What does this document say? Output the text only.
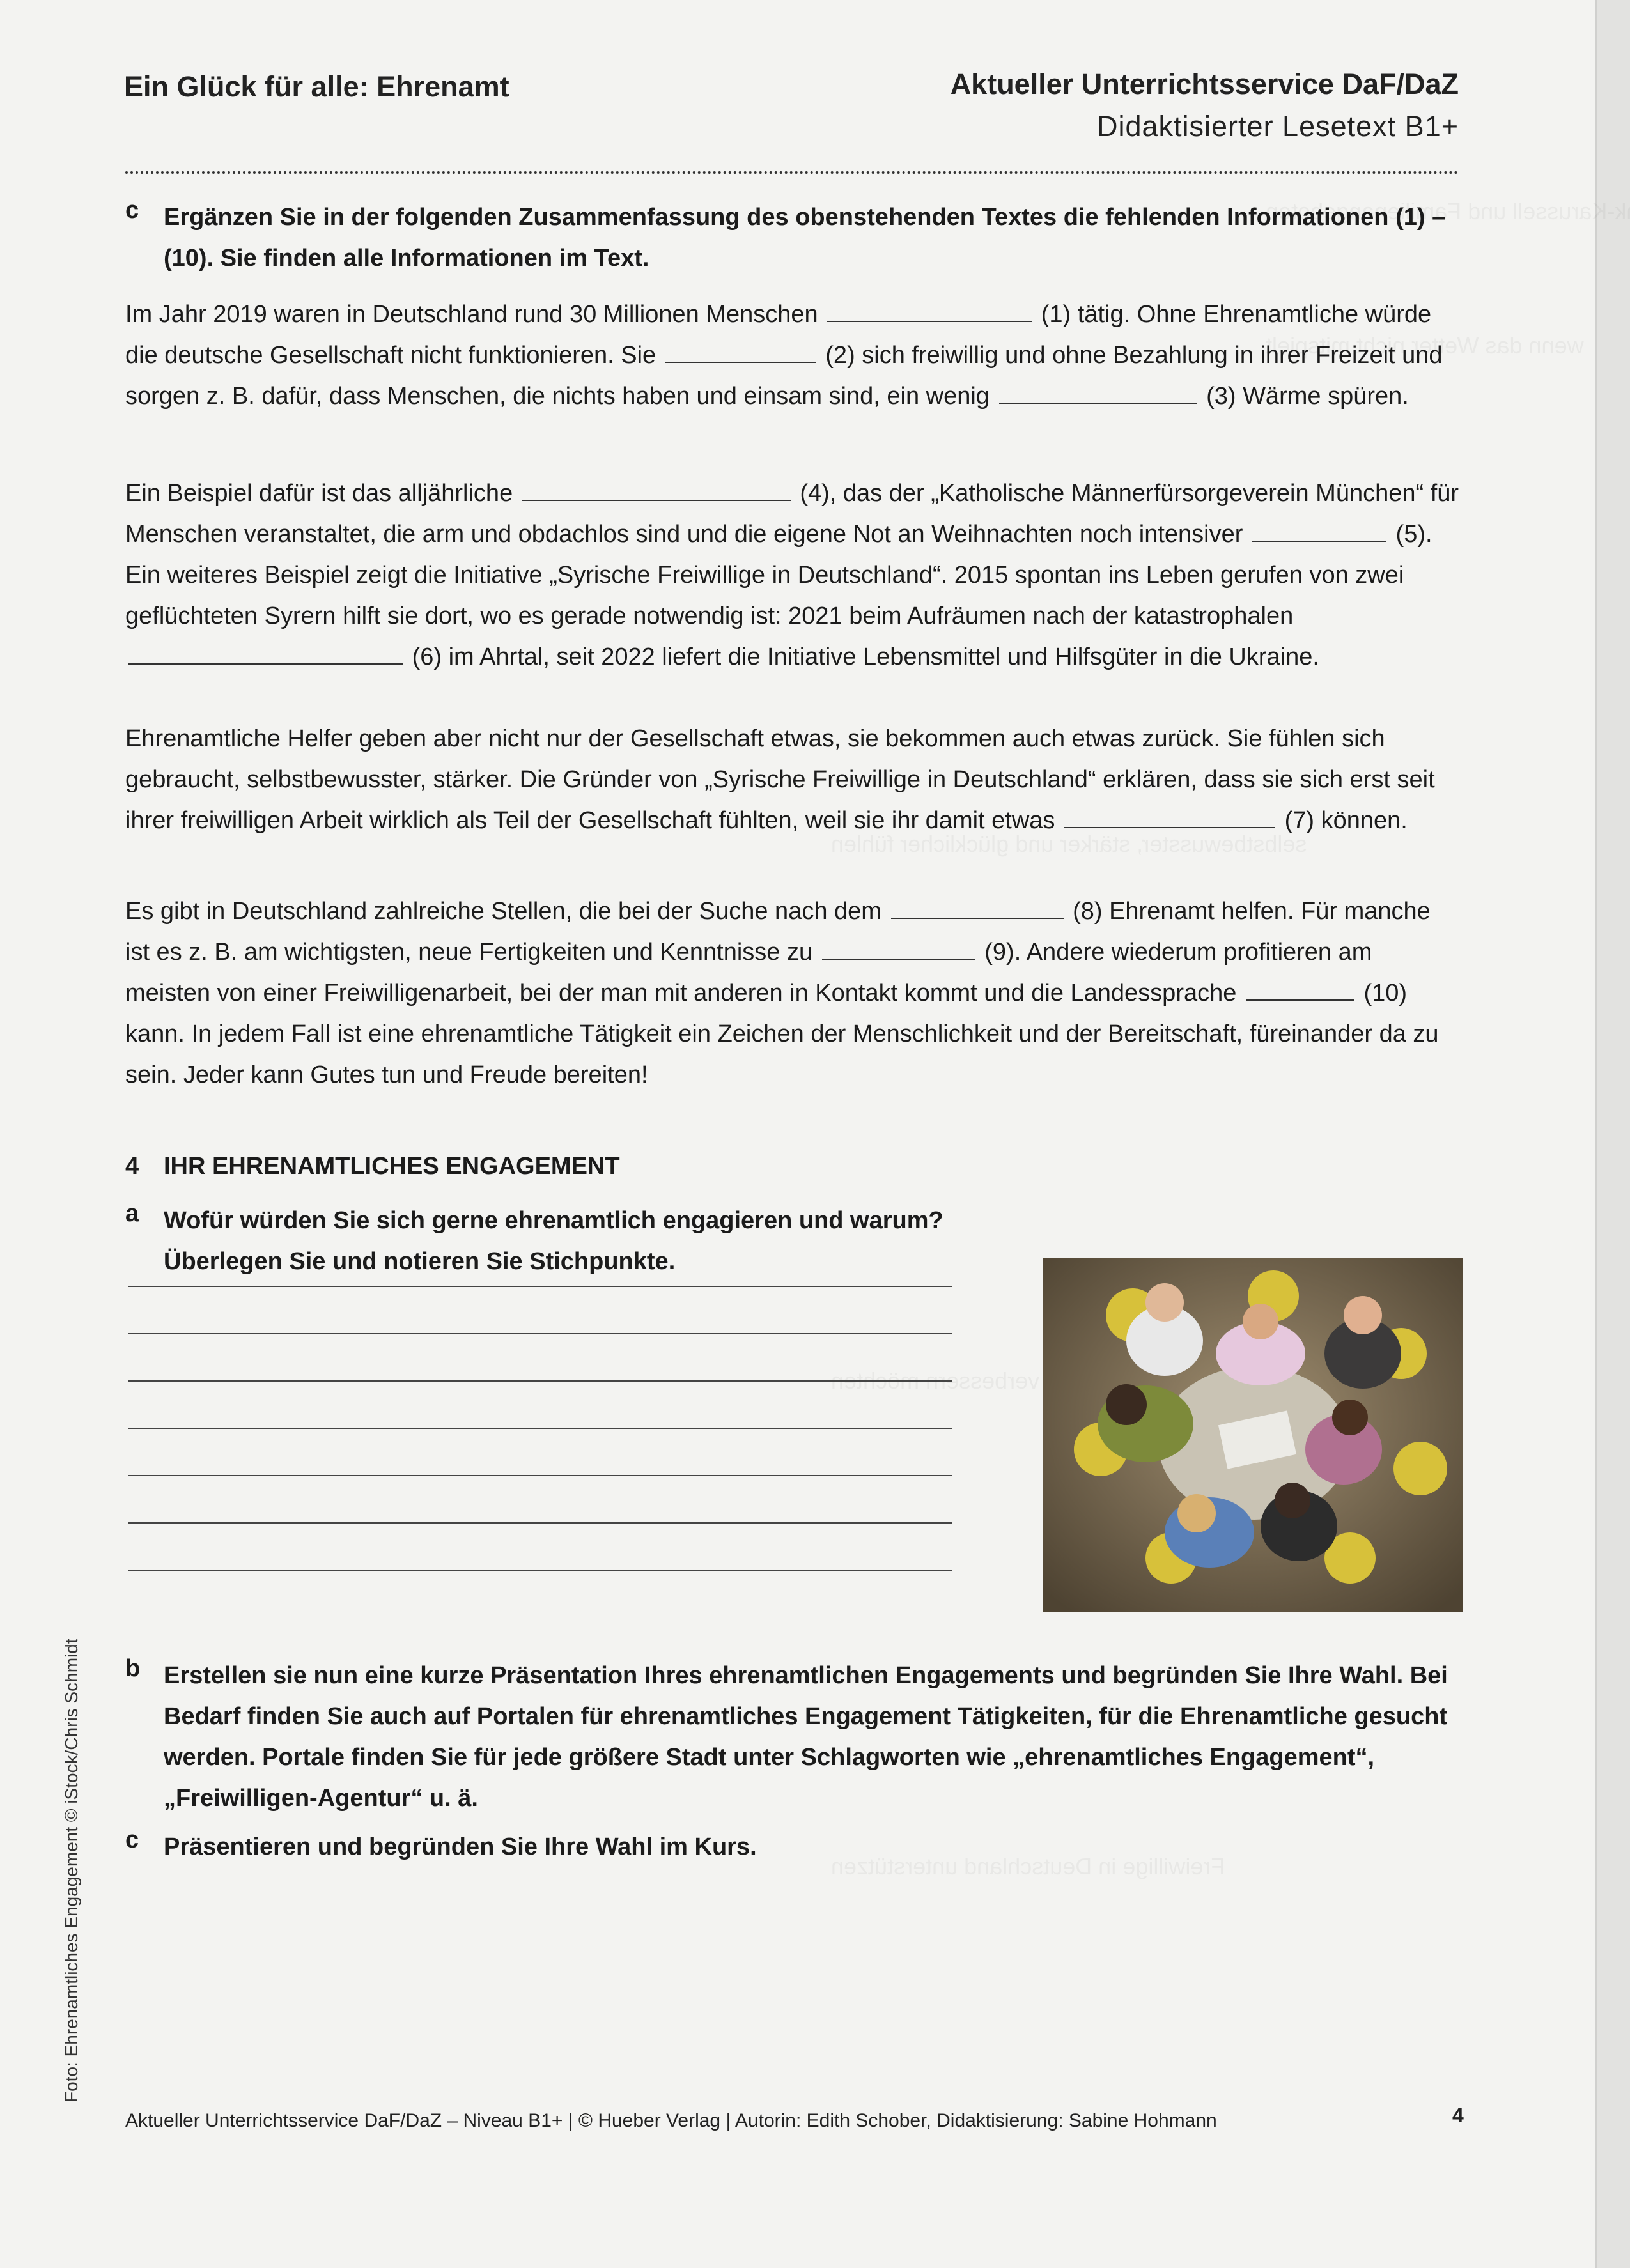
Ein Glück für alle: Ehrenamt	Aktueller Unterrichtsservice DaF/DaZ
Didaktisierter Lesetext B1+
c Ergänzen Sie in der folgenden Zusammenfassung des obenstehenden Textes die fehlenden Informationen (1) – (10). Sie finden alle Informationen im Text.
Im Jahr 2019 waren in Deutschland rund 30 Millionen Menschen	(1) tätig. Ohne Ehrenamtliche würde die deutsche Gesellschaft nicht funktionieren. Sie	(2) sich freiwillig und ohne Bezahlung in ihrer Freizeit und sorgen z. B. dafür, dass Menschen, die nichts haben und einsam sind, ein wenig	(3) Wärme spüren.
Ein Beispiel dafür ist das alljährliche	(4), das der „Katholische Männerfürsorgeverein München“ für Menschen veranstaltet, die arm und obdachlos sind und die eigene Not an Weihnachten noch intensiver	(5). Ein weiteres Beispiel zeigt die Initiative „Syrische Freiwillige in Deutschland“. 2015 spontan ins Leben gerufen von zwei geflüchteten Syrern hilft sie dort, wo es gerade notwendig ist: 2021 beim Aufräumen nach der katastrophalen  (6) im Ahrtal, seit 2022 liefert die Initiative Lebensmittel und Hilfsgüter in die Ukraine.
Ehrenamtliche Helfer geben aber nicht nur der Gesellschaft etwas, sie bekommen auch etwas zurück. Sie fühlen sich gebraucht, selbstbewusster, stärker. Die Gründer von „Syrische Freiwillige in Deutschland“ erklären, dass sie sich erst seit ihrer freiwilligen Arbeit wirklich als Teil der Gesellschaft fühlten, weil sie ihr damit etwas	(7) können.
Es gibt in Deutschland zahlreiche Stellen, die bei der Suche nach dem	(8) Ehrenamt helfen. Für manche ist es z. B. am wichtigsten, neue Fertigkeiten und Kenntnisse zu	(9). Andere wiederum profitieren am meisten von einer Freiwilligenarbeit, bei der man mit anderen in Kontakt kommt und die Landessprache	(10) kann. In jedem Fall ist eine ehrenamtliche Tätigkeit ein Zeichen der Menschlichkeit und der Bereitschaft, füreinander da zu sein. Jeder kann Gutes tun und Freude bereiten!
4 IHR EHRENAMTLICHES ENGAGEMENT
a Wofür würden Sie sich gerne ehrenamtlich engagieren und warum? Überlegen Sie und notieren Sie Stichpunkte.
b Erstellen sie nun eine kurze Präsentation Ihres ehrenamtlichen Engagements und begründen Sie Ihre Wahl. Bei Bedarf finden Sie auch auf Portalen für ehrenamtliches Engagement Tätigkeiten, für die Ehrenamtliche gesucht werden. Portale finden Sie für jede größere Stadt unter Schlagworten wie „ehrenamtliches Engagement“, „Freiwilligen-Agentur“ u. ä.
c Präsentieren und begründen Sie Ihre Wahl im Kurs.
Foto: Ehrenamtliches Engagement © iStock/Chris Schmidt
Aktueller Unterrichtsservice DaF/DaZ – Niveau B1+ | © Hueber Verlag | Autorin: Edith Schober, Didaktisierung: Sabine Hohmann	4
